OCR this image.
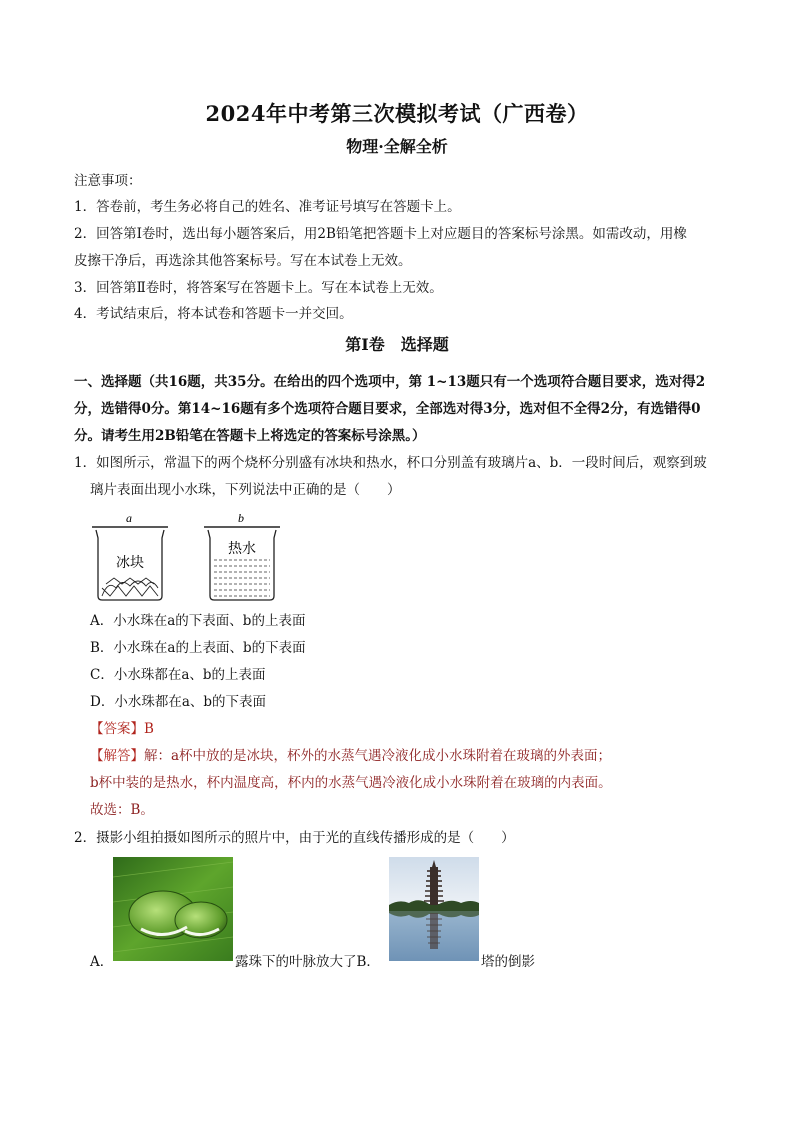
2024年中考第三次模拟考试（广西卷）
物理·全解全析
注意事项：
1．答卷前，考生务必将自己的姓名、准考证号填写在答题卡上。
2．回答第Ⅰ卷时，选出每小题答案后，用2B铅笔把答题卡上对应题目的答案标号涂黑。如需改动，用橡
皮擦干净后，再选涂其他答案标号。写在本试卷上无效。
3．回答第Ⅱ卷时，将答案写在答题卡上。写在本试卷上无效。
4．考试结束后，将本试卷和答题卡一并交回。
第Ⅰ卷　选择题
一、选择题（共16题，共35分。在给出的四个选项中，第 1~13题只有一个选项符合题目要求，选对得2
分，选错得0分。第14~16题有多个选项符合题目要求，全部选对得3分，选对但不全得2分，有选错得0
分。请考生用2B铅笔在答题卡上将选定的答案标号涂黑。）
1．如图所示，常温下的两个烧杯分别盛有冰块和热水，杯口分别盖有玻璃片a、b．一段时间后，观察到玻
璃片表面出现小水珠，下列说法中正确的是（　　）
a	b
冰块
热水
A．小水珠在a的下表面、b的上表面
B．小水珠在a的上表面、b的下表面
C．小水珠都在a、b的上表面
D．小水珠都在a、b的下表面
【答案】B
【解答】解：a杯中放的是冰块，杯外的水蒸气遇冷液化成小水珠附着在玻璃的外表面；
b杯中装的是热水，杯内温度高，杯内的水蒸气遇冷液化成小水珠附着在玻璃的内表面。
故选：B。
2．摄影小组拍摄如图所示的照片中，由于光的直线传播形成的是（　　）
A．	露珠下的叶脉放大了B．	塔的倒影
